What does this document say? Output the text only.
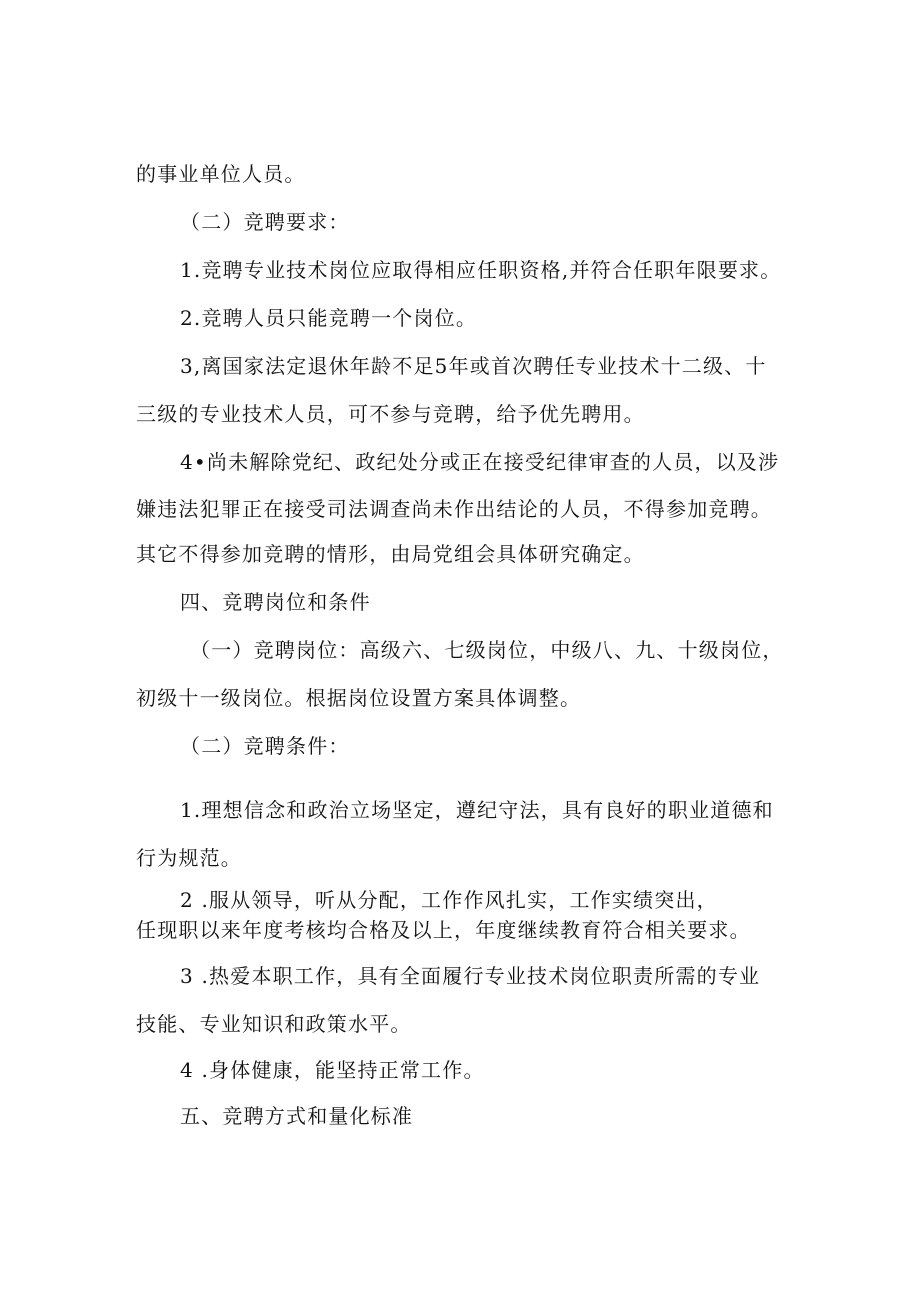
的事业单位人员。
（二）竞聘要求：
1.竞聘专业技术岗位应取得相应任职资格,并符合任职年限要求。
2.竞聘人员只能竞聘一个岗位。
3,离国家法定退休年龄不足5年或首次聘任专业技术十二级、十
三级的专业技术人员，可不参与竞聘，给予优先聘用。
4•尚未解除党纪、政纪处分或正在接受纪律审查的人员，以及涉
嫌违法犯罪正在接受司法调查尚未作出结论的人员，不得参加竞聘。
其它不得参加竞聘的情形，由局党组会具体研究确定。
四、竞聘岗位和条件
（一）竞聘岗位：高级六、七级岗位，中级八、九、十级岗位，
初级十一级岗位。根据岗位设置方案具体调整。
（二）竞聘条件：
1.理想信念和政治立场坚定，遵纪守法，具有良好的职业道德和
行为规范。
2 .服从领导，听从分配，工作作风扎实，工作实绩突出，
任现职以来年度考核均合格及以上，年度继续教育符合相关要求。
3 .热爱本职工作，具有全面履行专业技术岗位职责所需的专业
技能、专业知识和政策水平。
4 .身体健康，能坚持正常工作。
五、竞聘方式和量化标准
